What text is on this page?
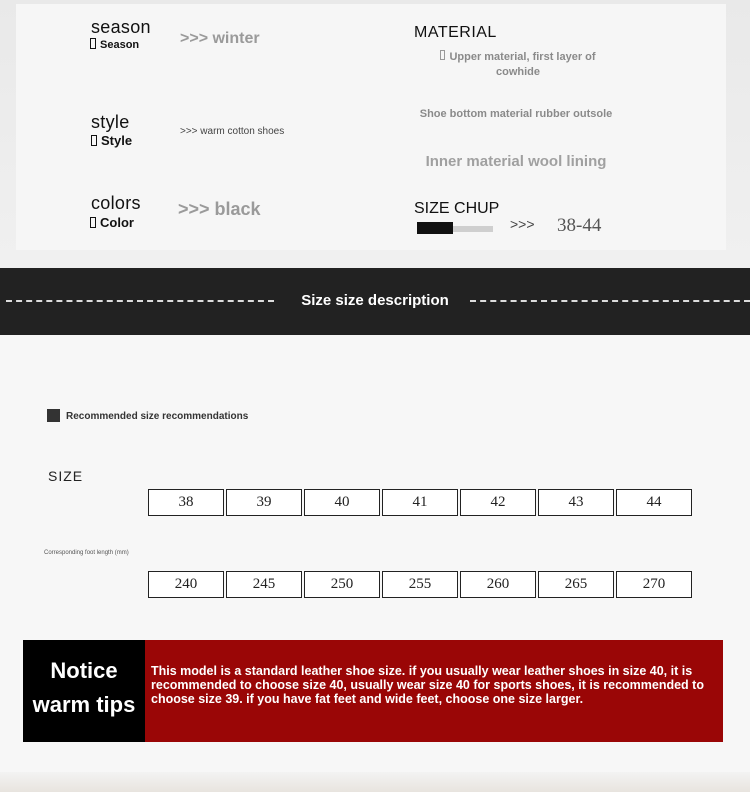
season
Season	>>> winter
style
Style
>>> warm cotton shoes
colors
Color
>>> black
MATERIAL
Upper material, first layer of cowhide
Shoe bottom material rubber outsole
Inner material wool lining
SIZE CHUP
>>> 38-44
Size size description
Recommended size recommendations
SIZE
38	39	40	41	42	43	44
Corresponding foot length (mm)
240	245	250	255	260	265	270
Notice
warm tips
This model is a standard leather shoe size. if you usually wear leather shoes in size 40, it is recommended to choose size 40, usually wear size 40 for sports shoes, it is recommended to choose size 39. if you have fat feet and wide feet, choose one size larger.
